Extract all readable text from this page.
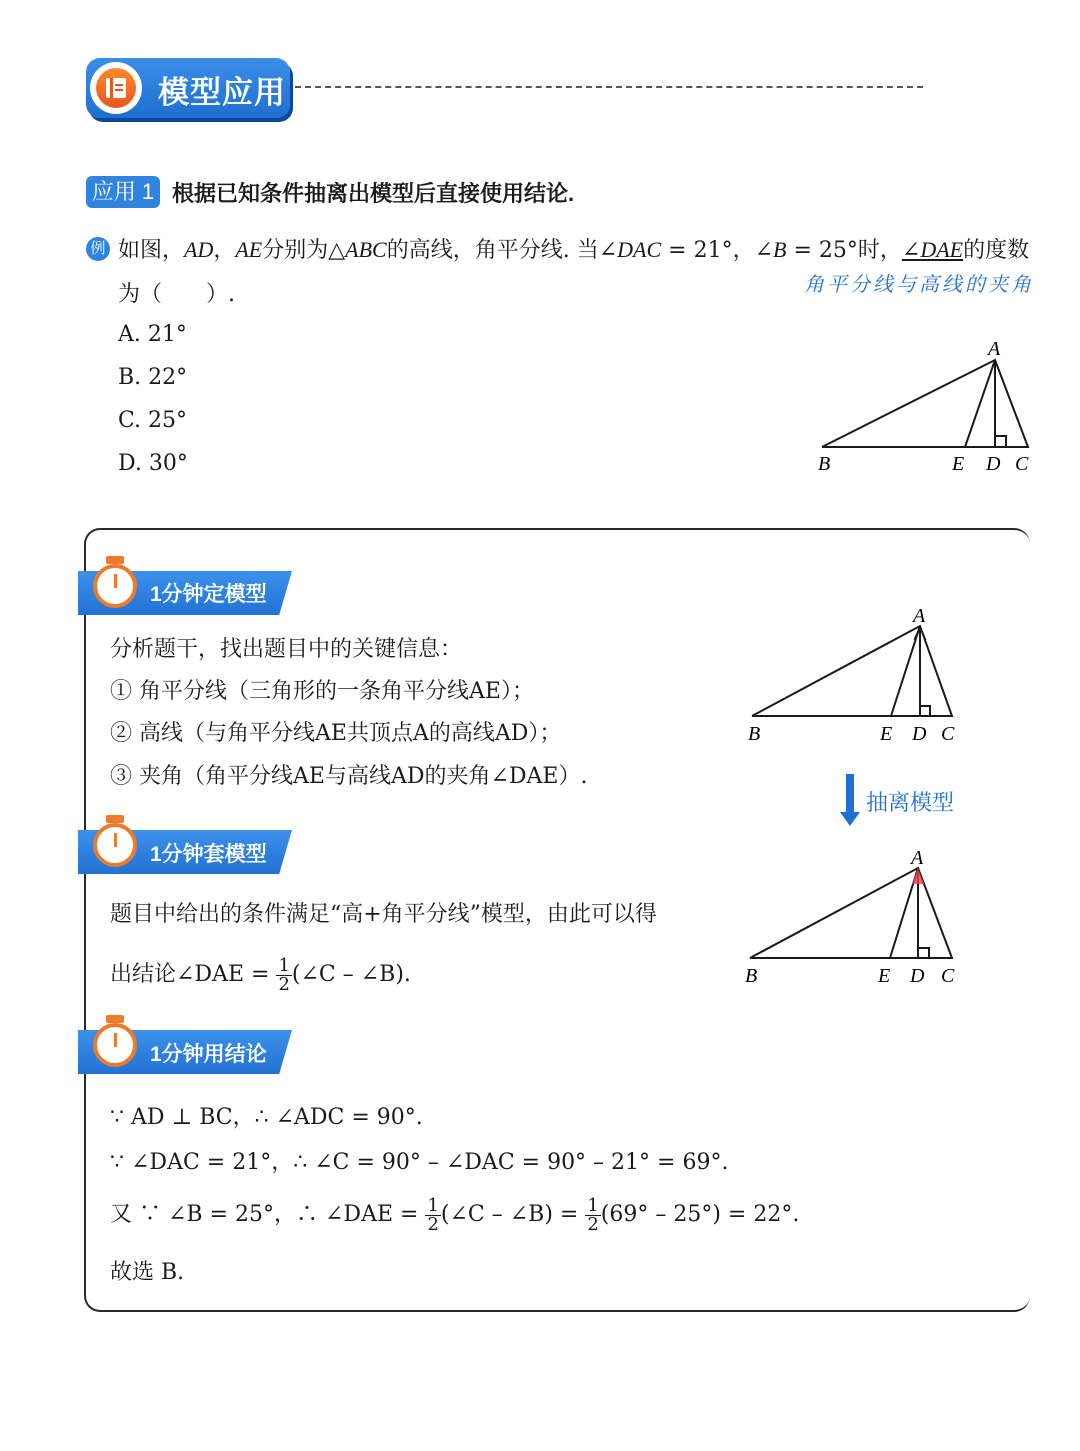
模型应用
应用 1 根据已知条件抽离出模型后直接使用结论.
例 如图，AD，AE分别为△ABC的高线，角平分线. 当∠DAC = 21°，∠B = 25°时，∠DAE的度数
角平分线与高线的夹角
为（　　）.
A. 21°
B. 22°
C. 25°
D. 30°
A
B	E D C
1分钟定模型
分析题干，找出题目中的关键信息：
① 角平分线（三角形的一条角平分线AE）；
② 高线（与角平分线AE共顶点A的高线AD）；
③ 夹角（角平分线AE与高线AD的夹角∠DAE）.
A
B	E D C
抽离模型
A
B	E D C
1分钟套模型
题目中给出的条件满足“高+角平分线”模型，由此可以得
出结论∠DAE = $\frac{1}{2}$ (∠C – ∠B).
1分钟用结论
∵ AD ⊥ BC，∴ ∠ADC = 90°.
∵ ∠DAC = 21°，∴ ∠C = 90° – ∠DAC = 90° – 21° = 69°.
又 ∵ ∠B = 25°，∴ ∠DAE = $\frac{1}{2}$ (∠C – ∠B) = $\frac{1}{2} (69^\circ - 25^\circ) = 22^\circ$.
故选 B.
